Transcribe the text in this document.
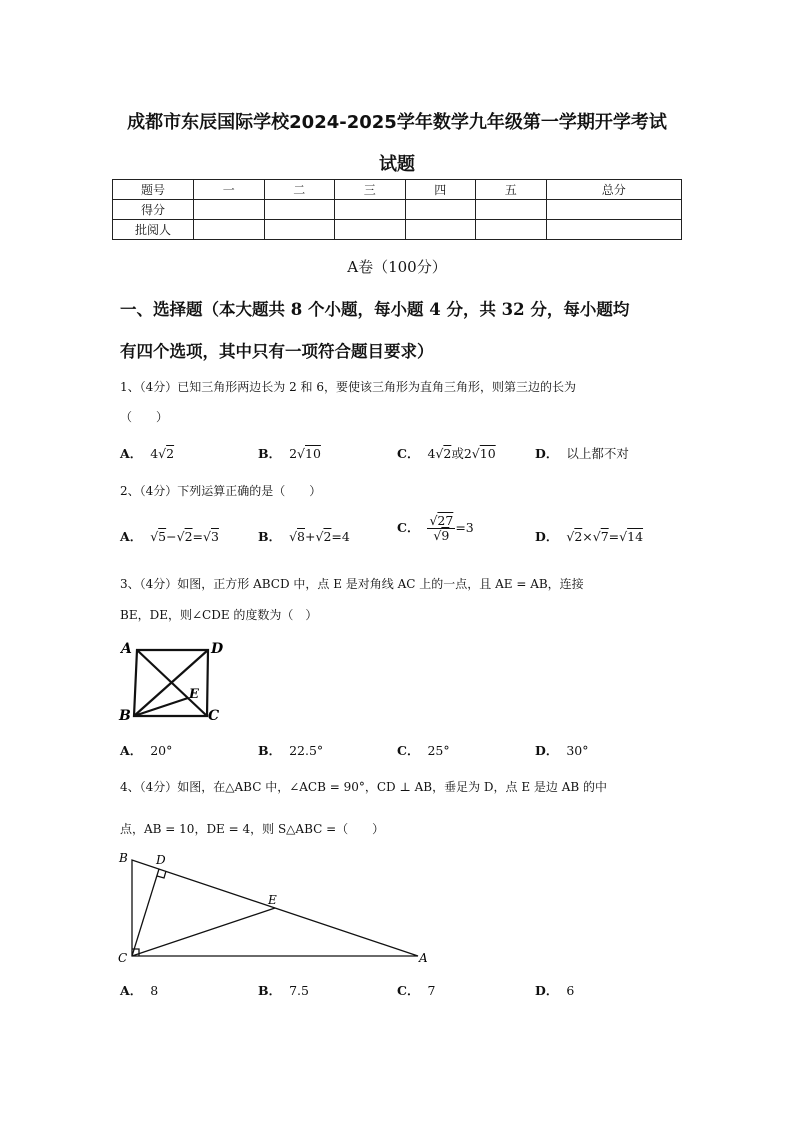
成都市东辰国际学校2024-2025学年数学九年级第一学期开学考试
试题
题号	一	二	三	四	五	总分
得分						
批阅人						
A卷（100分）
一、选择题（本大题共 8 个小题，每小题 4 分，共 32 分，每小题均
有四个选项，其中只有一项符合题目要求）
1、（4分）已知三角形两边长为 2 和 6，要使该三角形为直角三角形，则第三边的长为
（　　）
A． 4√2	B． 2√10	C． 4√2或2√10	D． 以上都不对
2、（4分）下列运算正确的是（　　）
A． √5−√2=√3	B． √8+√2=4
C． $\frac{√27}{√9} =3$
D． √2×√7=√14
3、（4分）如图，正方形 ABCD 中，点 E 是对角线 AC 上的一点，且 AE = AB，连接
BE，DE，则∠CDE 的度数为（　）
A	D
B	C
E
A． 20°	B． 22.5°	C． 25°	D． 30°
4、（4分）如图，在△ABC 中，∠ACB = 90°，CD ⊥ AB，垂足为 D，点 E 是边 AB 的中
点，AB = 10，DE = 4，则 S△ABC =（　　）
B D
E
C	A
A． 8	B． 7.5	C． 7	D． 6
